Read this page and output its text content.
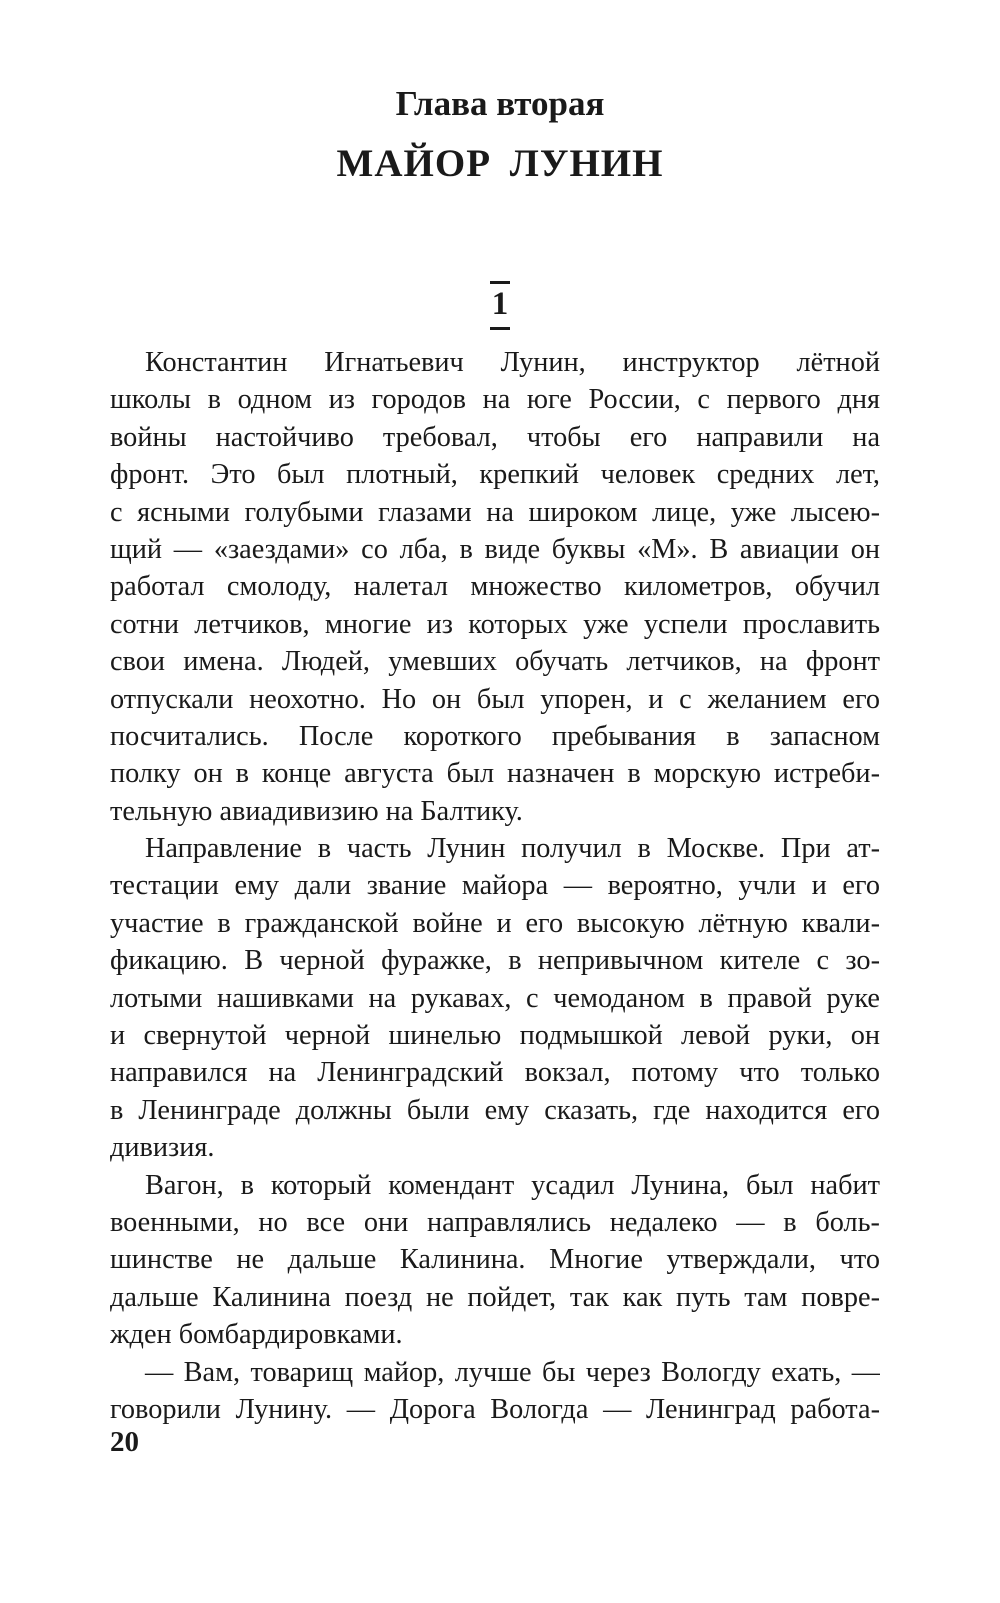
Глава вторая
МАЙОР ЛУНИН
1
Константин Игнатьевич Лунин, инструктор лётной
школы в одном из городов на юге России, с первого дня
войны настойчиво требовал, чтобы его направили на
фронт. Это был плотный, крепкий человек средних лет,
с ясными голубыми глазами на широком лице, уже лысею-
щий — «заездами» со лба, в виде буквы «М». В авиации он
работал смолоду, налетал множество километров, обучил
сотни летчиков, многие из которых уже успели прославить
свои имена. Людей, умевших обучать летчиков, на фронт
отпускали неохотно. Но он был упорен, и с желанием его
посчитались. После короткого пребывания в запасном
полку он в конце августа был назначен в морскую истреби-
тельную авиадивизию на Балтику.
Направление в часть Лунин получил в Москве. При ат-
тестации ему дали звание майора — вероятно, учли и его
участие в гражданской войне и его высокую лётную квали-
фикацию. В черной фуражке, в непривычном кителе с зо-
лотыми нашивками на рукавах, с чемоданом в правой руке
и свернутой черной шинелью подмышкой левой руки, он
направился на Ленинградский вокзал, потому что только
в Ленинграде должны были ему сказать, где находится его
дивизия.
Вагон, в который комендант усадил Лунина, был набит
военными, но все они направлялись недалеко — в боль-
шинстве не дальше Калинина. Многие утверждали, что
дальше Калинина поезд не пойдет, так как путь там повре-
жден бомбардировками.
— Вам, товарищ майор, лучше бы через Вологду ехать, —
говорили Лунину. — Дорога Вологда — Ленинград работа-
20
